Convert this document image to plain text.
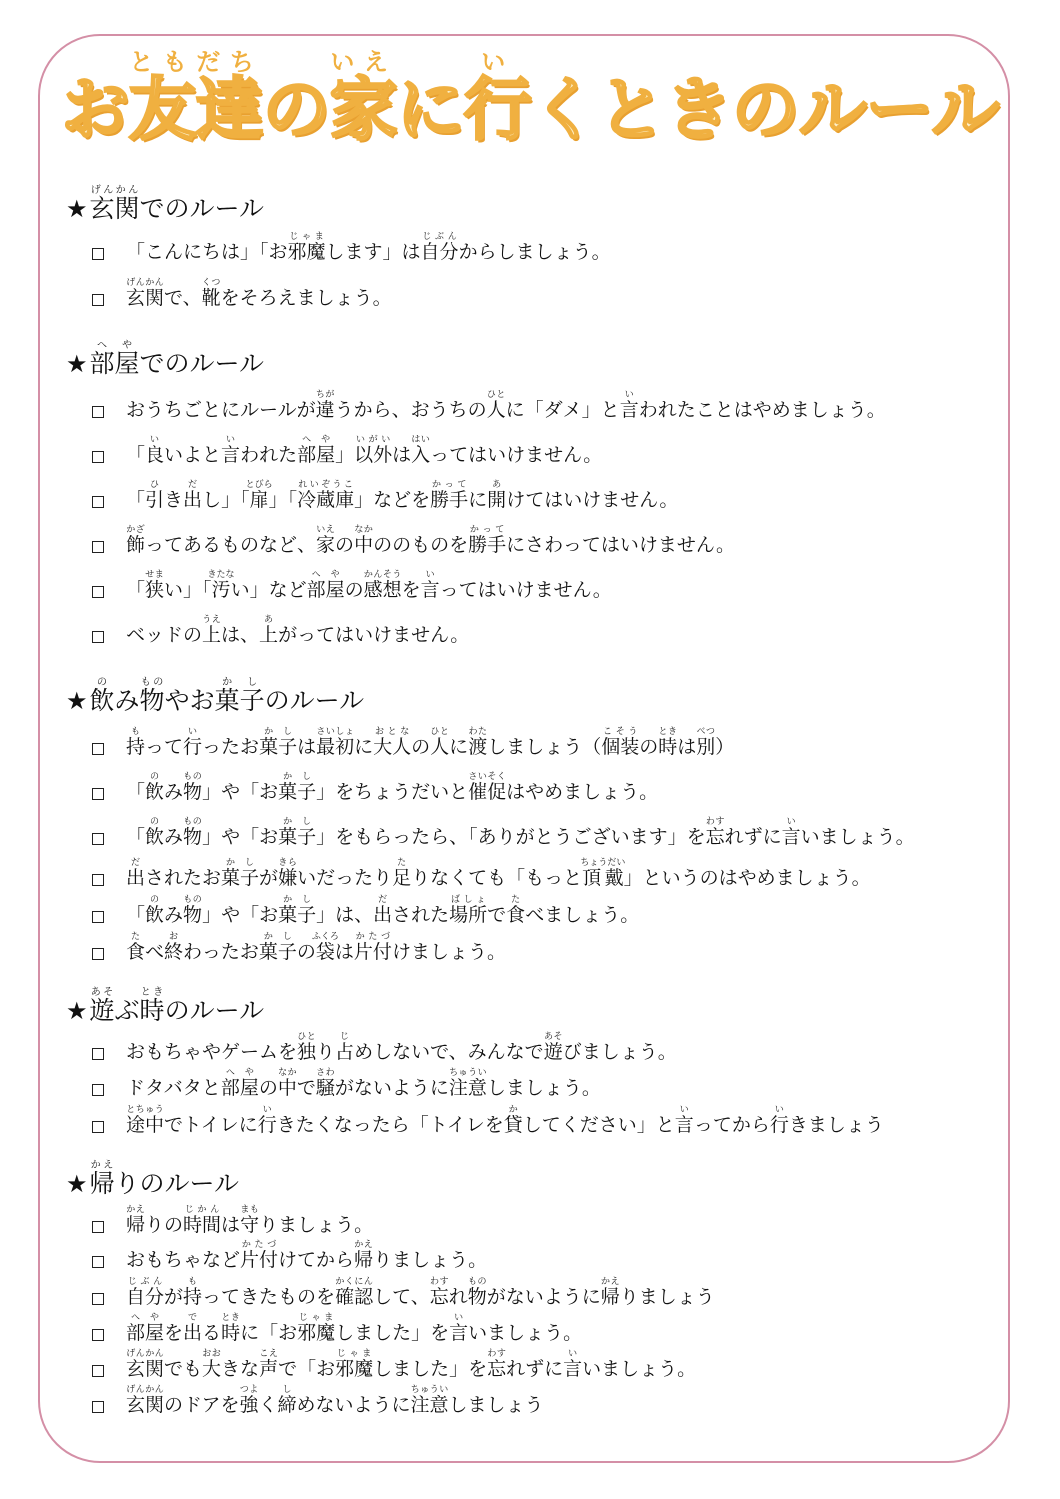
お友達ともだちの家いえに行いくときのルール
★ 玄関げんかんでのルール
「こんにちは」「お邪魔じゃまします」は自分じぶんからしましょう。
玄関げんかんで、靴くつをそろえましょう。
★ 部屋へやでのルール
おうちごとにルールが違ちがうから、おうちの人ひとに「ダメ」と言いわれたことはやめましょう。
「良いいよと言いわれた部屋へや」以外いがいは入はいってはいけません。
「引ひき出だし」「扉とびら」「冷蔵庫れいぞうこ」などを勝手かってに開あけてはいけません。
飾かざってあるものなど、家いえの中なかののものを勝手かってにさわってはいけません。
「狭せまい」「汚きたない」など部屋へやの感想かんそうを言いってはいけません。
ベッドの上うえは、上あがってはいけません。
★ 飲のみ物ものやお菓子かしのルール
持もって行いったお菓子かしは最初さいしょに大人おとなの人ひとに渡わたしましょう（個装こそうの時ときは別べつ）
「飲のみ物もの」や「お菓子かし」をちょうだいと催促さいそくはやめましょう。
「飲のみ物もの」や「お菓子かし」をもらったら、「ありがとうございます」を忘わすれずに言いいましょう。
出だされたお菓子かしが嫌きらいだったり足たりなくても「もっと頂戴ちょうだい」というのはやめましょう。
「飲のみ物もの」や「お菓子かし」は、出だされた場所ばしょで食たべましょう。
食たべ終おわったお菓子かしの袋ふくろは片付かたづけましょう。
★ 遊あそぶ時ときのルール
おもちゃやゲームを独ひとり占じめしないで、みんなで遊あそびましょう。
ドタバタと部屋へやの中なかで騒さわがないように注意ちゅういしましょう。
途中とちゅうでトイレに行いきたくなったら「トイレを貸かしてください」と言いってから行いきましょう
★ 帰かえりのルール
帰かえりの時間じかんは守まもりましょう。
おもちゃなど片付かたづけてから帰かえりましょう。
自分じぶんが持もってきたものを確認かくにんして、忘わすれ物ものがないように帰かえりましょう
部屋へやを出でる時ときに「お邪魔じゃましました」を言いいましょう。
玄関げんかんでも大おおきな声こえで「お邪魔じゃましました」を忘わすれずに言いいましょう。
玄関げんかんのドアを強つよく締しめないように注意ちゅういしましょう
